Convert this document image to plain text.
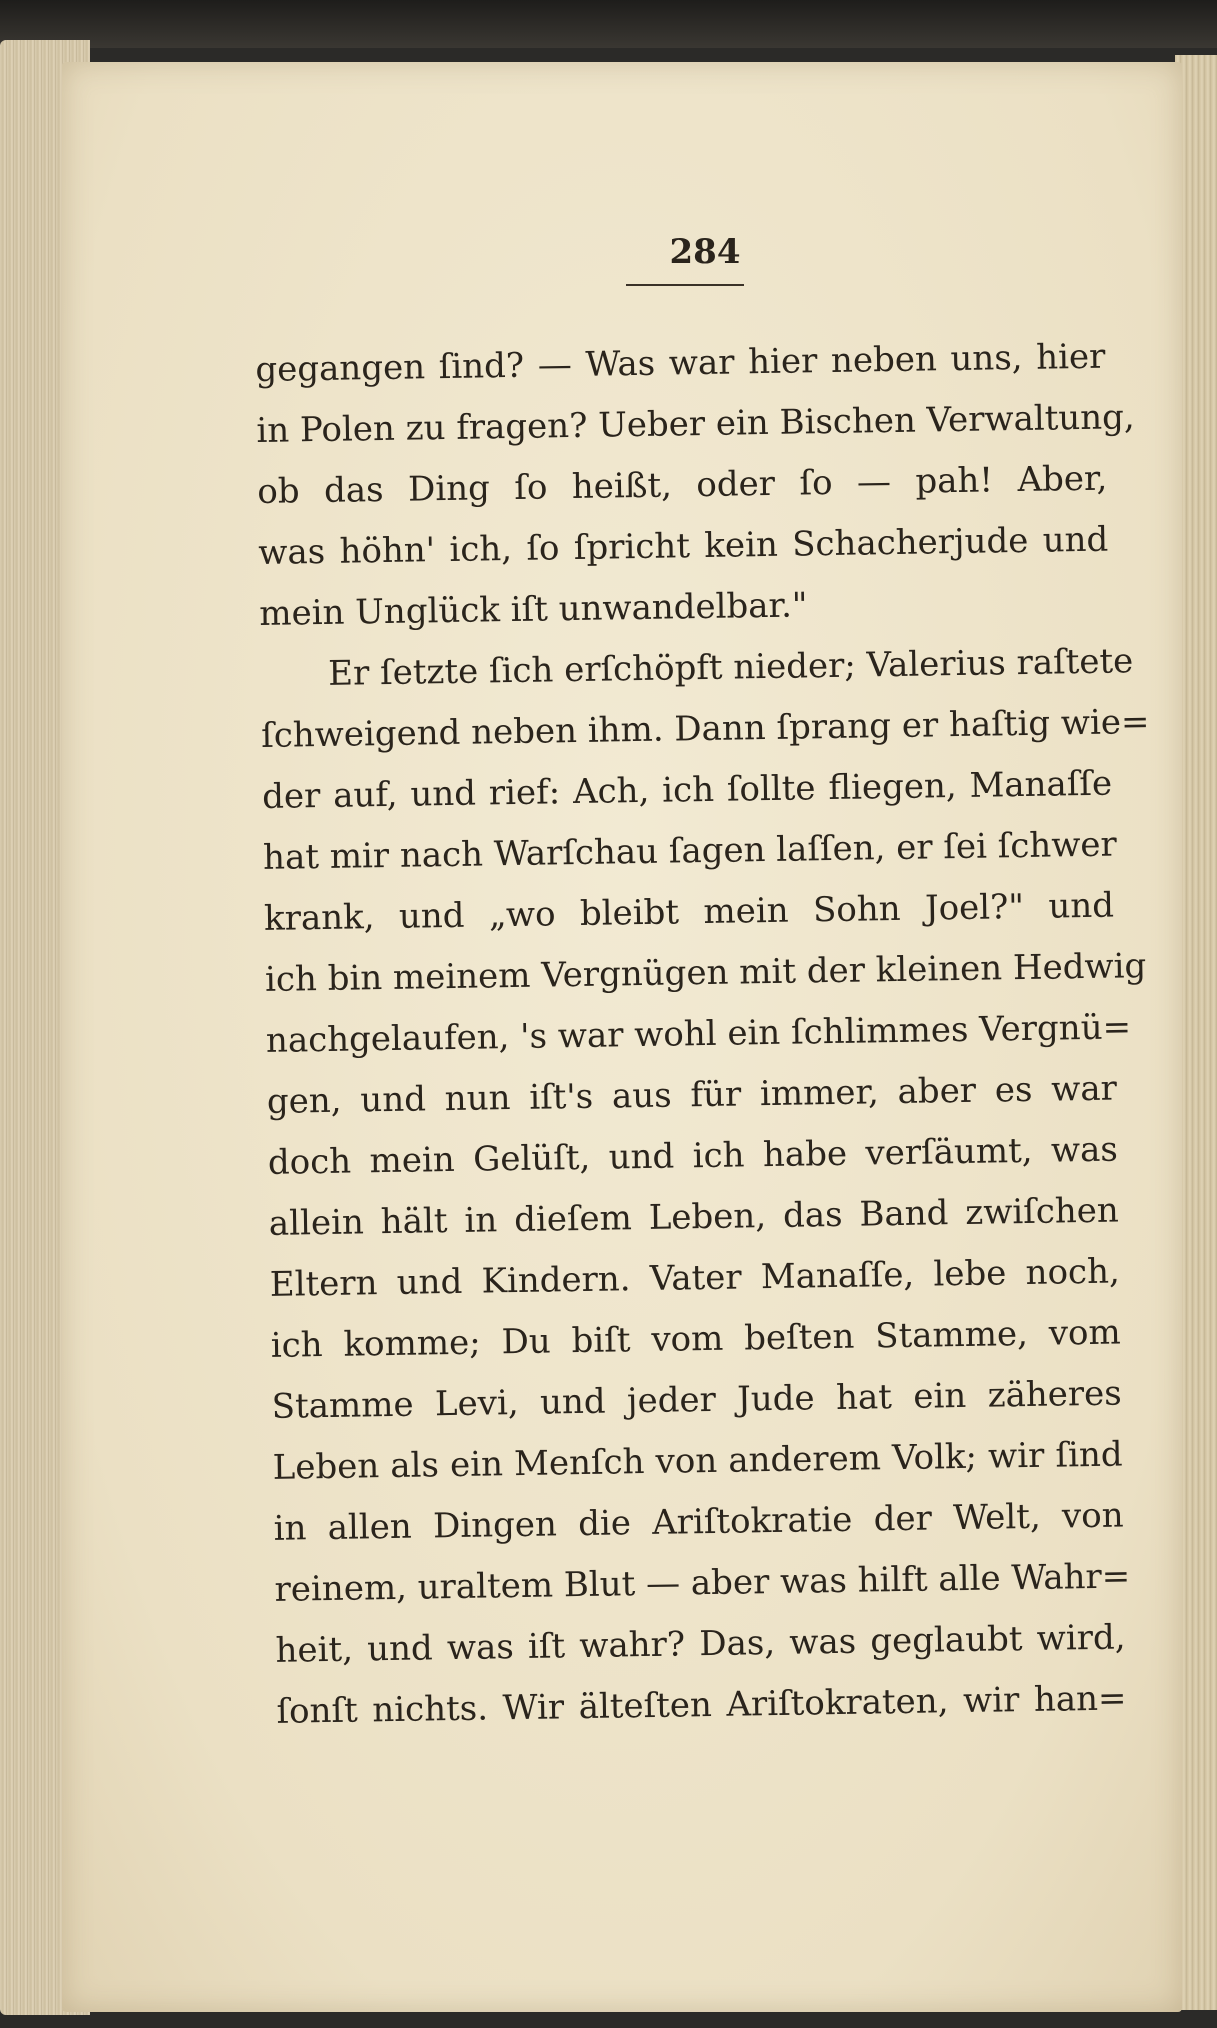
284
gegangen ſind? — Was war hier neben uns, hier
in Polen zu fragen? Ueber ein Bischen Verwaltung,
ob das Ding ſo heißt, oder ſo — pah! Aber,
was höhn' ich, ſo ſpricht kein Schacherjude und
mein Unglück iſt unwandelbar."
Er ſetzte ſich erſchöpft nieder; Valerius raſtete
ſchweigend neben ihm. Dann ſprang er haſtig wie=
der auf, und rief: Ach, ich ſollte fliegen, Manaſſe
hat mir nach Warſchau ſagen laſſen, er ſei ſchwer
krank, und „wo bleibt mein Sohn Joel?" und
ich bin meinem Vergnügen mit der kleinen Hedwig
nachgelaufen, 's war wohl ein ſchlimmes Vergnü=
gen, und nun iſt's aus für immer, aber es war
doch mein Gelüſt, und ich habe verſäumt, was
allein hält in dieſem Leben, das Band zwiſchen
Eltern und Kindern. Vater Manaſſe, lebe noch,
ich komme; Du biſt vom beſten Stamme, vom
Stamme Levi, und jeder Jude hat ein zäheres
Leben als ein Menſch von anderem Volk; wir ſind
in allen Dingen die Ariſtokratie der Welt, von
reinem, uraltem Blut — aber was hilft alle Wahr=
heit, und was iſt wahr? Das, was geglaubt wird,
ſonſt nichts. Wir älteſten Ariſtokraten, wir han=
